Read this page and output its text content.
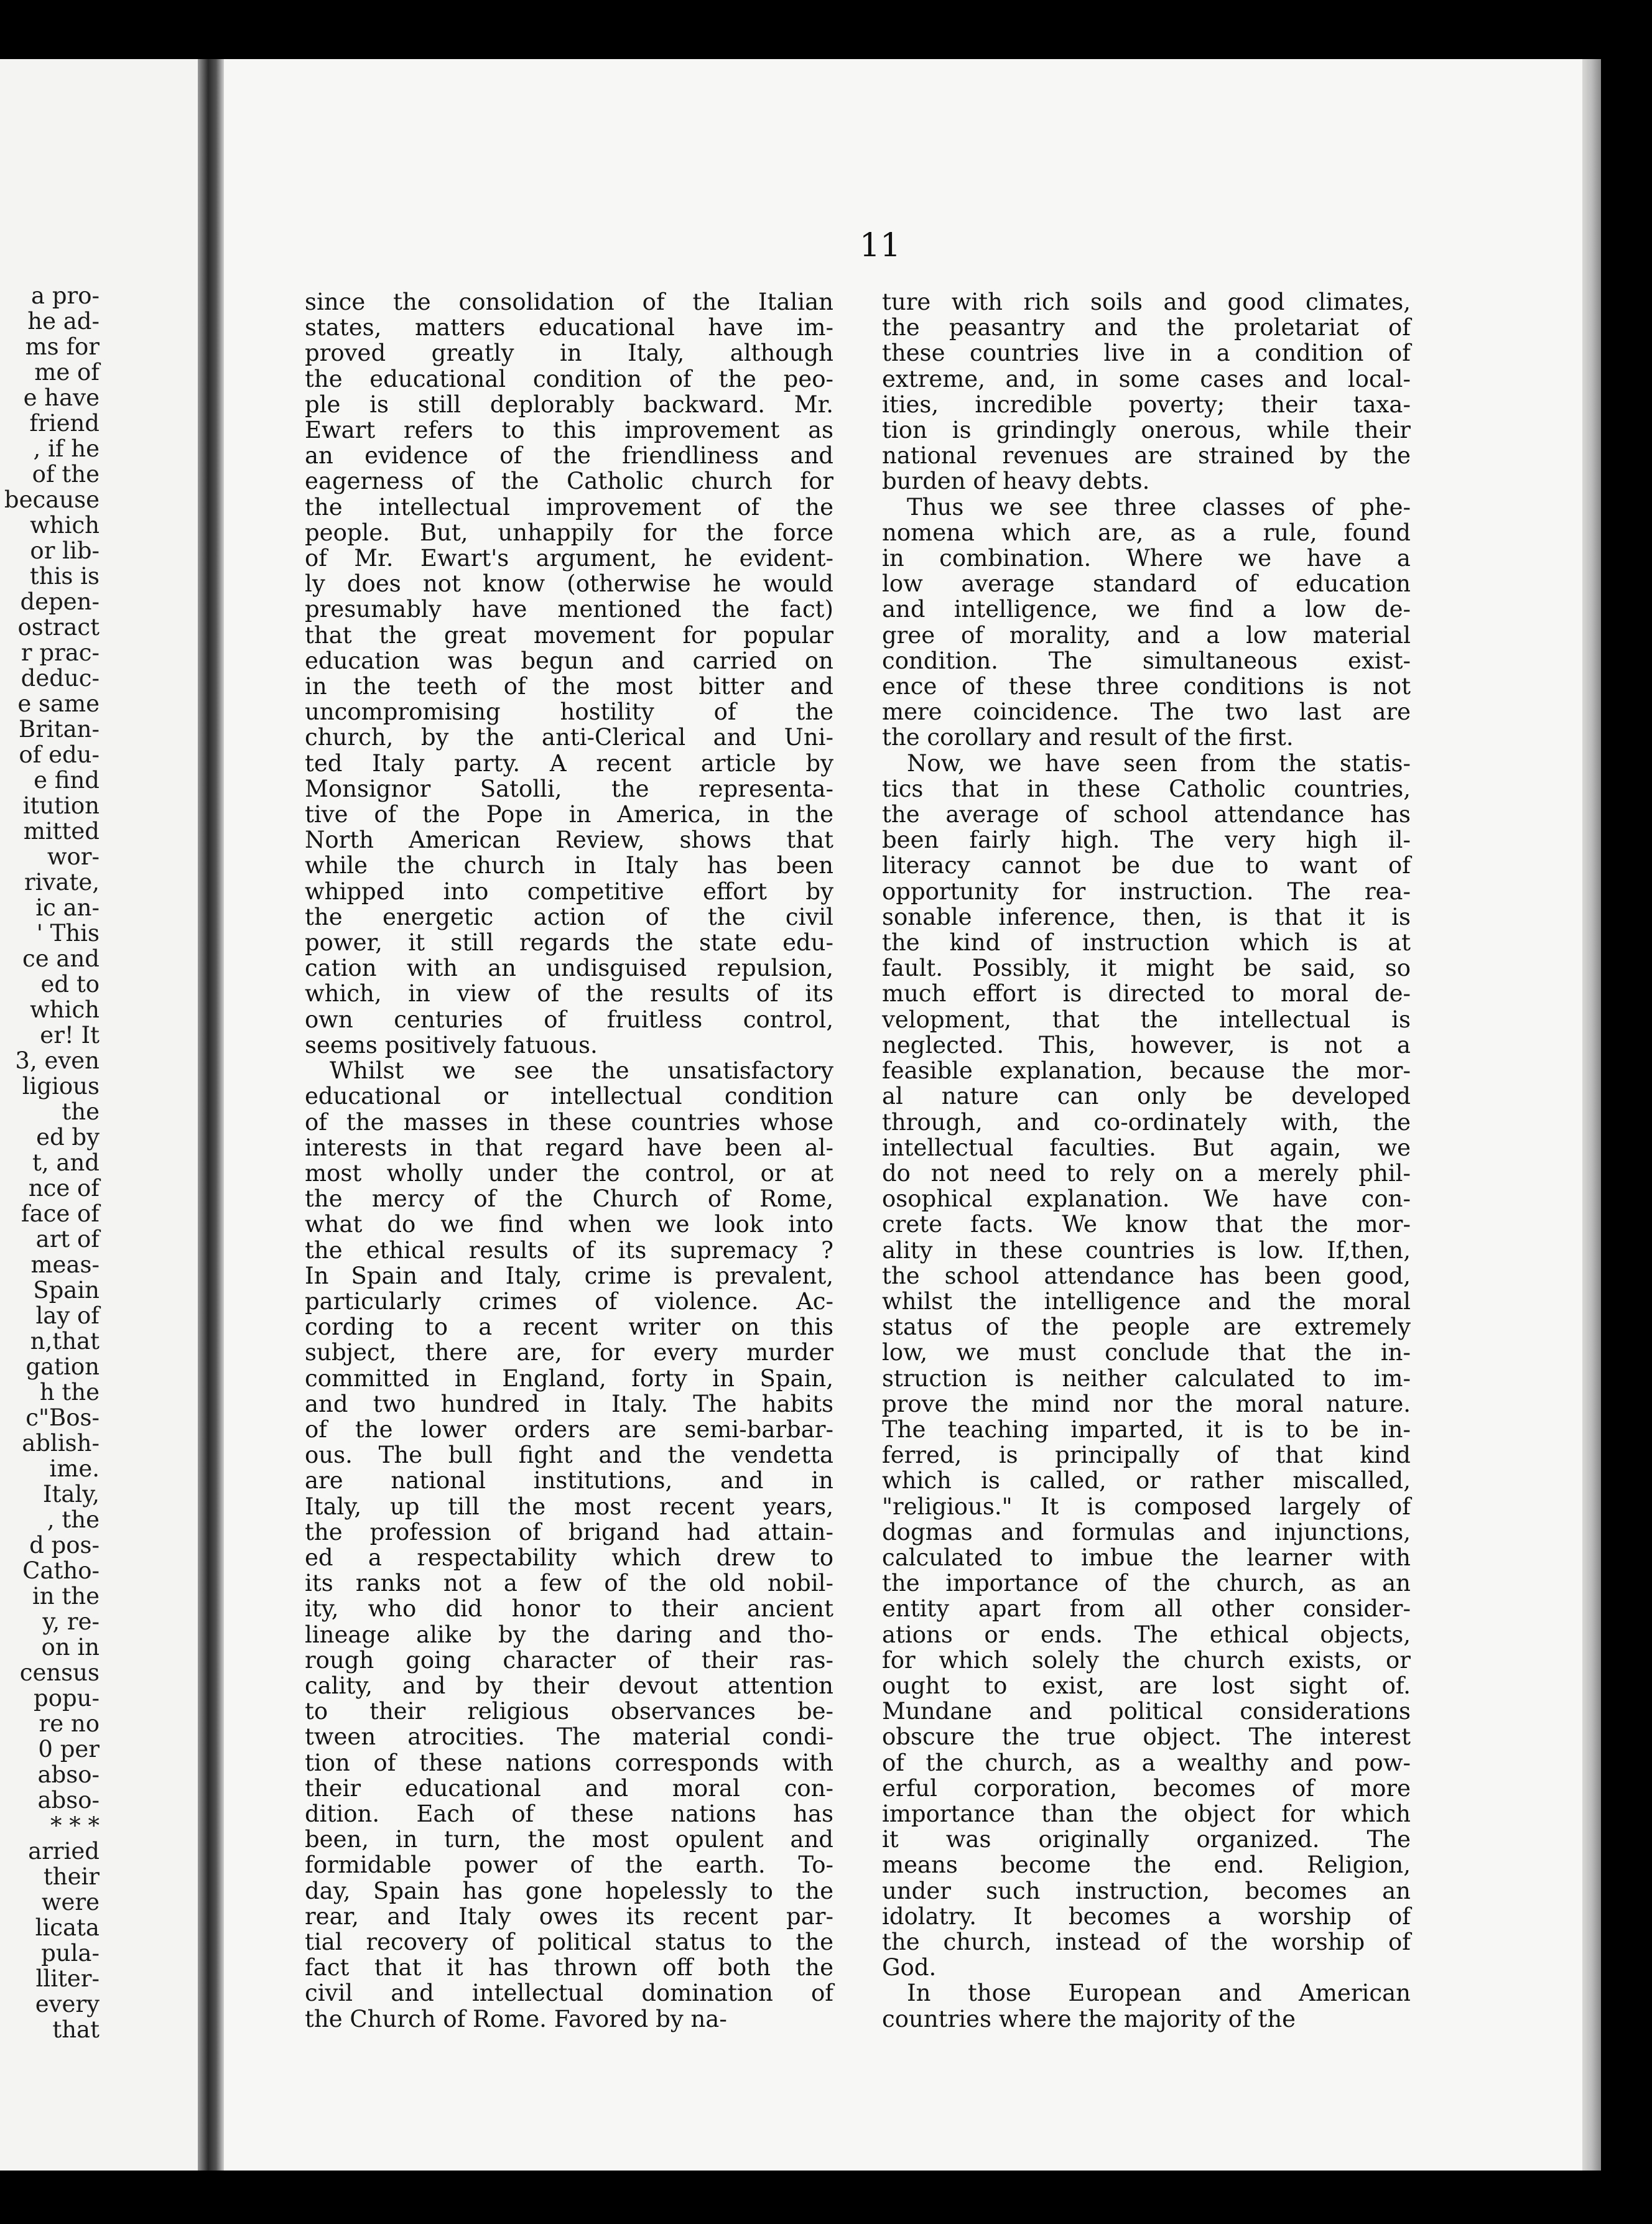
a pro-
he ad-
ms for
me of
e have
friend
, if he
of the
because
which
or lib-
this is
depen-
ostract
r prac-
deduc-
e same
Britan-
of edu-
e find
itution
mitted
wor-
rivate,
ic an-
' This
ce and
ed to
which
er! It
3, even
ligious
the
ed by
t, and
nce of
face of
art of
meas-
Spain
lay of
n,that
gation
h the
c"Bos-
ablish-
ime.
Italy,
, the
d pos-
Catho-
in the
y, re-
on in
census
popu-
re no
0 per
abso-
abso-
* * *
arried
their
were
licata
pula-
lliter-
every
that
11
since the consolidation of the Italian
states, matters educational have im-
proved greatly in Italy, although
the educational condition of the peo-
ple is still deplorably backward. Mr.
Ewart refers to this improvement as
an evidence of the friendliness and
eagerness of the Catholic church for
the intellectual improvement of the
people. But, unhappily for the force
of Mr. Ewart's argument, he evident-
ly does not know (otherwise he would
presumably have mentioned the fact)
that the great movement for popular
education was begun and carried on
in the teeth of the most bitter and
uncompromising hostility of the
church, by the anti-Clerical and Uni-
ted Italy party. A recent article by
Monsignor Satolli, the representa-
tive of the Pope in America, in the
North American Review, shows that
while the church in Italy has been
whipped into competitive effort by
the energetic action of the civil
power, it still regards the state edu-
cation with an undisguised repulsion,
which, in view of the results of its
own centuries of fruitless control,
seems positively fatuous.
Whilst we see the unsatisfactory
educational or intellectual condition
of the masses in these countries whose
interests in that regard have been al-
most wholly under the control, or at
the mercy of the Church of Rome,
what do we find when we look into
the ethical results of its supremacy ?
In Spain and Italy, crime is prevalent,
particularly crimes of violence. Ac-
cording to a recent writer on this
subject, there are, for every murder
committed in England, forty in Spain,
and two hundred in Italy. The habits
of the lower orders are semi-barbar-
ous. The bull fight and the vendetta
are national institutions, and in
Italy, up till the most recent years,
the profession of brigand had attain-
ed a respectability which drew to
its ranks not a few of the old nobil-
ity, who did honor to their ancient
lineage alike by the daring and tho-
rough going character of their ras-
cality, and by their devout attention
to their religious observances be-
tween atrocities. The material condi-
tion of these nations corresponds with
their educational and moral con-
dition. Each of these nations has
been, in turn, the most opulent and
formidable power of the earth. To-
day, Spain has gone hopelessly to the
rear, and Italy owes its recent par-
tial recovery of political status to the
fact that it has thrown off both the
civil and intellectual domination of
the Church of Rome. Favored by na-
ture with rich soils and good climates,
the peasantry and the proletariat of
these countries live in a condition of
extreme, and, in some cases and local-
ities, incredible poverty; their taxa-
tion is grindingly onerous, while their
national revenues are strained by the
burden of heavy debts.
Thus we see three classes of phe-
nomena which are, as a rule, found
in combination. Where we have a
low average standard of education
and intelligence, we find a low de-
gree of morality, and a low material
condition. The simultaneous exist-
ence of these three conditions is not
mere coincidence. The two last are
the corollary and result of the first.
Now, we have seen from the statis-
tics that in these Catholic countries,
the average of school attendance has
been fairly high. The very high il-
literacy cannot be due to want of
opportunity for instruction. The rea-
sonable inference, then, is that it is
the kind of instruction which is at
fault. Possibly, it might be said, so
much effort is directed to moral de-
velopment, that the intellectual is
neglected. This, however, is not a
feasible explanation, because the mor-
al nature can only be developed
through, and co-ordinately with, the
intellectual faculties. But again, we
do not need to rely on a merely phil-
osophical explanation. We have con-
crete facts. We know that the mor-
ality in these countries is low. If,then,
the school attendance has been good,
whilst the intelligence and the moral
status of the people are extremely
low, we must conclude that the in-
struction is neither calculated to im-
prove the mind nor the moral nature.
The teaching imparted, it is to be in-
ferred, is principally of that kind
which is called, or rather miscalled,
"religious." It is composed largely of
dogmas and formulas and injunctions,
calculated to imbue the learner with
the importance of the church, as an
entity apart from all other consider-
ations or ends. The ethical objects,
for which solely the church exists, or
ought to exist, are lost sight of.
Mundane and political considerations
obscure the true object. The interest
of the church, as a wealthy and pow-
erful corporation, becomes of more
importance than the object for which
it was originally organized. The
means become the end. Religion,
under such instruction, becomes an
idolatry. It becomes a worship of
the church, instead of the worship of
God.
In those European and American
countries where the majority of the
